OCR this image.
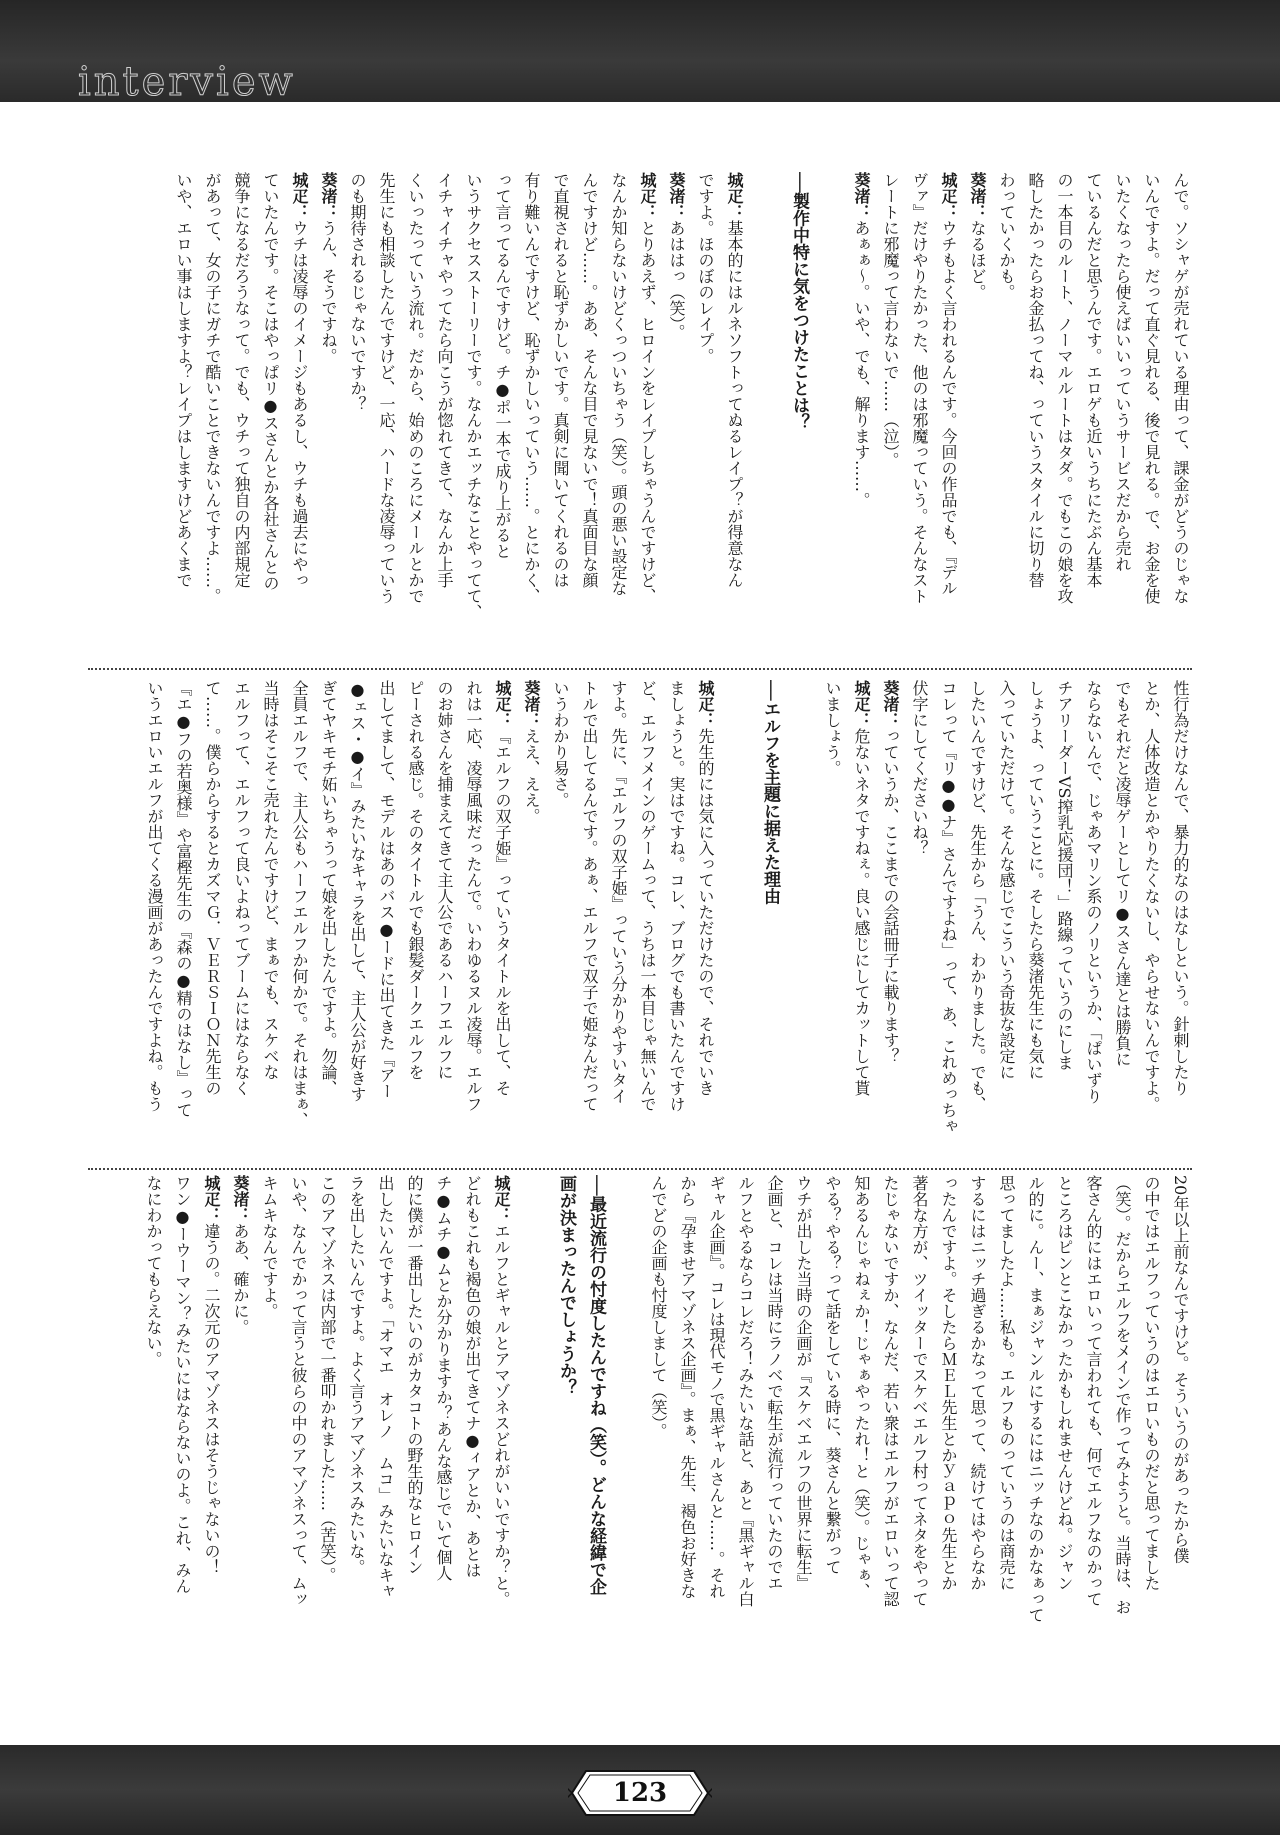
interview
んで。ソシャゲが売れている理由って、課金がどうのじゃな
いんですよ。だって直ぐ見れる、後で見れる。で、お金を使
いたくなったら使えばいいっていうサービスだから売れ
ているんだと思うんです。エロゲも近いうちにたぶん基本
の一本目のルート、ノーマルルートはタダ。でもこの娘を攻
略したかったらお金払ってね、っていうスタイルに切り替
わっていくかも。
葵渚：なるほど。
城疋：ウチもよく言われるんです。今回の作品でも、『デル
ヴァ』だけやりたかった、他のは邪魔っていう。そんなスト
レートに邪魔って言わないで……（泣）。
葵渚：あぁぁ〜。いや、でも、解ります……。
──製作中特に気をつけたことは？
城疋：基本的にはルネソフトってぬるレイプ？が得意なん
ですよ。ほのぼのレイプ。
葵渚：あははっ（笑）。
城疋：とりあえず、ヒロインをレイプしちゃうんですけど、
なんか知らないけどくっついちゃう（笑）。頭の悪い設定な
んですけど……。ああ、そんな目で見ないで！真面目な顔
で直視されると恥ずかしいです。真剣に聞いてくれるのは
有り難いんですけど、恥ずかしいっていう……。とにかく、
って言ってるんですけど。チ●ポ一本で成り上がると
いうサクセスストーリーです。なんかエッチなことやってて、
イチャイチャやってたら向こうが惚れてきて、なんか上手
くいったっていう流れ。だから、始めのころにメールとかで
先生にも相談したんですけど、一応、ハードな凌辱っていう
のも期待されるじゃないですか？
葵渚：うん、そうですね。
城疋：ウチは凌辱のイメージもあるし、ウチも過去にやっ
ていたんです。そこはやっぱリ●スさんとか各社さんとの
競争になるだろうなって。でも、ウチって独自の内部規定
があって、女の子にガチで酷いことできないんですよ……。
いや、エロい事はしますよ？レイプはしますけどあくまで
性行為だけなんで、暴力的なのはなしという。針刺したり
とか、人体改造とかやりたくないし、やらせないんですよ。
でもそれだと凌辱ゲーとしてリ●スさん達とは勝負に
ならないんで、じゃあマリン系のノリというか、「ぱいずり
チアリーダーVS搾乳応援団！」路線っていうのにしま
しょうよ、っていうことに。そしたら葵渚先生にも気に
入っていただけて。そんな感じでこういう奇抜な設定に
したいんですけど、先生から「うん、わかりました。でも、
コレって『リ●●ナ』さんですよね」って、あ、これめっちゃ
伏字にしてくださいね？
葵渚：っていうか、ここまでの会話冊子に載ります？
城疋：危ないネタですねぇ。良い感じにしてカットして貰
いましょう。
──エルフを主題に据えた理由
城疋：先生的には気に入っていただけたので、それでいき
ましょうと。実はですね。コレ、ブログでも書いたんですけ
ど、エルフメインのゲームって、うちは一本目じゃ無いんで
すよ。先に、『エルフの双子姫』っていう分かりやすいタイ
トルで出してるんです。あぁ、エルフで双子で姫なんだって
いうわかり易さ。
葵渚：ええ、ええ。
城疋：『エルフの双子姫』っていうタイトルを出して、そ
れは一応、凌辱風味だったんで。いわゆるヌル凌辱。エルフ
のお姉さんを捕まえてきて主人公であるハーフエルフに
ピーされる感じ。そのタイトルでも銀髪ダークエルフを
出してまして、モデルはあのバス●ードに出てきた『アー
●ェス・●イ』みたいなキャラを出して、主人公が好きす
ぎてヤキモチ妬いちゃうって娘を出したんですよ。勿論、
全員エルフで、主人公もハーフエルフか何かで。それはまぁ、
当時はそこそこ売れたんですけど、まぁでも、スケベな
エルフって、エルフって良いよねってブームにはならなく
て……。僕らからするとカズマＧ．ＶＥＲＳＩＯＮ先生の
『エ●フの若奥様』や富樫先生の『森の●精のはなし』って
いうエロいエルフが出てくる漫画があったんですよね。もう
20年以上前なんですけど。そういうのがあったから僕
の中ではエルフっていうのはエロいものだと思ってました
（笑）。だからエルフをメインで作ってみようと。当時は、お
客さん的にはエロいって言われても、何でエルフなのかって
ところはピンとこなかったかもしれませんけどね。ジャン
ル的に。んー、まぁジャンルにするにはニッチなのかなぁって
思ってましたよ……私も。エルフものっていうのは商売に
するにはニッチ過ぎるかなって思って、続けてはやらなか
ったんですよ。そしたらＭＥＬ先生とかｙａｐｏ先生とか
著名な方が、ツイッターでスケベエルフ村ってネタをやって
たじゃないですか、なんだ、若い衆はエルフがエロいって認
知あるんじゃねぇか！じゃぁやったれ！と（笑）。じゃぁ、
やる？やる？って話をしている時に、葵さんと繋がって
ウチが出した当時の企画が『スケベエルフの世界に転生』
企画と、コレは当時にラノベで転生が流行っていたのでエ
ルフとやるならコレだろ！みたいな話と、あと『黒ギャル白
ギャル企画』。コレは現代モノで黒ギャルさんと……。それ
から『孕ませアマゾネス企画』。まぁ、先生、褐色お好きな
んでどの企画も忖度しまして（笑）。
──最近流行の忖度したんですね（笑）。どんな経緯で企
画が決まったんでしょうか？
城疋：エルフとギャルとアマゾネスどれがいいですか？と。
どれもこれも褐色の娘が出てきてナ●ィアとか、あとは
チ●ムチ●ムとか分かりますか？あんな感じでいて個人
的に僕が一番出したいのがカタコトの野生的なヒロイン
出したいんですよ。「オマエ　オレノ　ムコ」みたいなキャ
ラを出したいんですよ。よく言うアマゾネスみたいな。
このアマゾネスは内部で一番叩かれました……（苦笑）。
いや、なんでかって言うと彼らの中のアマゾネスって、ムッ
キムキなんですよ。
葵渚：ああ、確かに。
城疋：違うの。二次元のアマゾネスはそうじゃないの！
ワン●ーウーマン？みたいにはならないのよ。これ、みん
なにわかってもらえない。
123
